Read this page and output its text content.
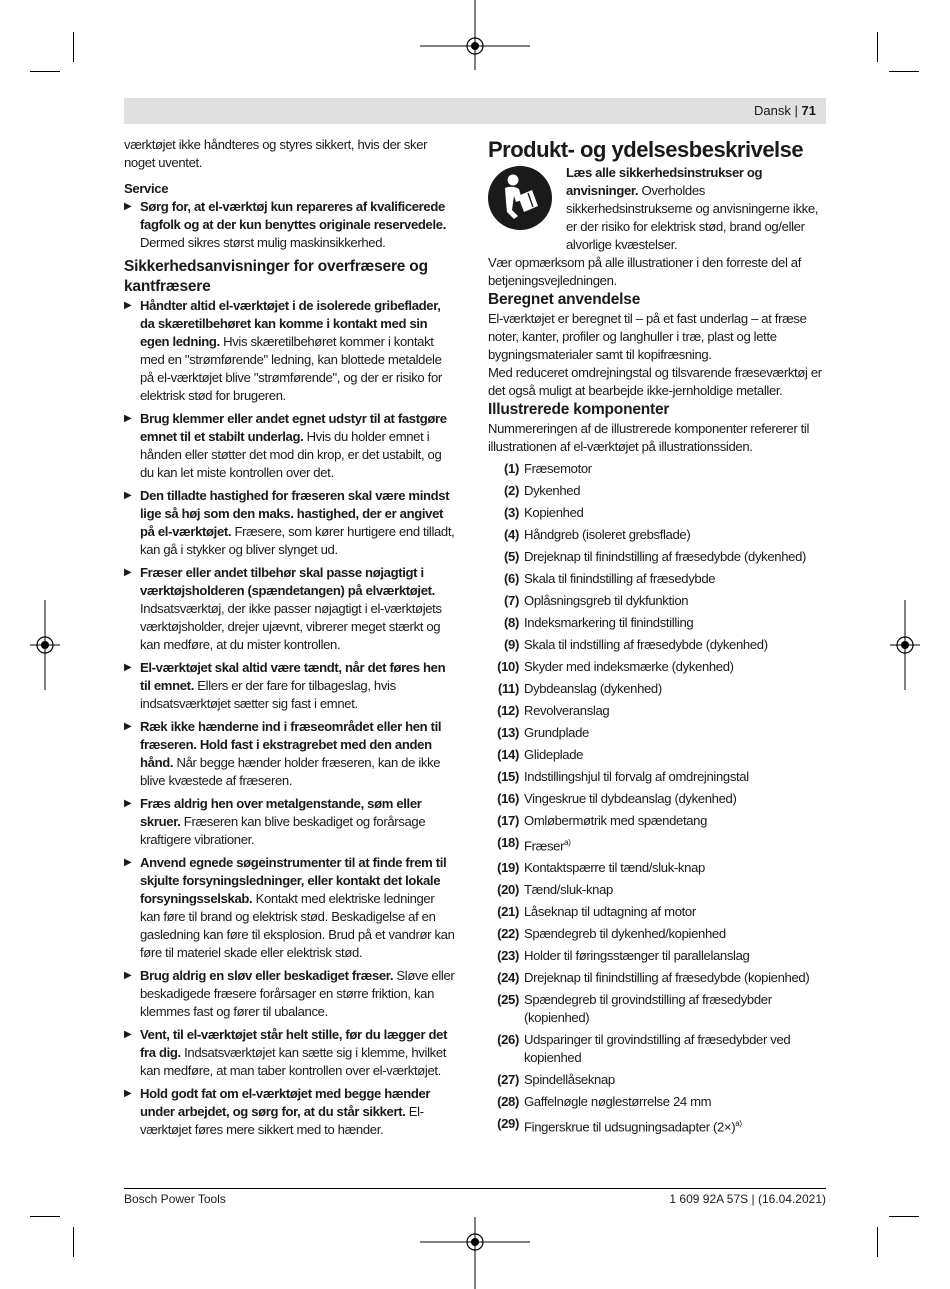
Dansk | 71

værktøjet ikke håndteres og styres sikkert, hvis der sker noget uventet.

Service

▶ Sørg for, at el-værktøj kun repareres af kvalificerede fagfolk og at der kun benyttes originale reservedele. Dermed sikres størst mulig maskinsikkerhed.

Sikkerhedsanvisninger for overfræsere og kantfræsere

▶ Håndter altid el-værktøjet i de isolerede gribeflader, da skæretilbehøret kan komme i kontakt med sin egen ledning. Hvis skæretilbehøret kommer i kontakt med en "strømførende" ledning, kan blottede metaldele på el-værktøjet blive "strømførende", og der er risiko for elektrisk stød for brugeren.
▶ Brug klemmer eller andet egnet udstyr til at fastgøre emnet til et stabilt underlag. Hvis du holder emnet i hånden eller støtter det mod din krop, er det ustabilt, og du kan let miste kontrollen over det.
▶ Den tilladte hastighed for fræseren skal være mindst lige så høj som den maks. hastighed, der er angivet på el-værktøjet. Fræsere, som kører hurtigere end tilladt, kan gå i stykker og bliver slynget ud.
▶ Fræser eller andet tilbehør skal passe nøjagtigt i værktøjsholderen (spændetangen) på elværktøjet. Indsatsværktøj, der ikke passer nøjagtigt i el-værktøjets værktøjsholder, drejer ujævnt, vibrerer meget stærkt og kan medføre, at du mister kontrollen.
▶ El-værktøjet skal altid være tændt, når det føres hen til emnet. Ellers er der fare for tilbageslag, hvis indsatsværktøjet sætter sig fast i emnet.
▶ Ræk ikke hænderne ind i fræseområdet eller hen til fræseren. Hold fast i ekstragrebet med den anden hånd. Når begge hænder holder fræseren, kan de ikke blive kvæstede af fræseren.
▶ Fræs aldrig hen over metalgenstande, søm eller skruer. Fræseren kan blive beskadiget og forårsage kraftigere vibrationer.
▶ Anvend egnede søgeinstrumenter til at finde frem til skjulte forsyningsledninger, eller kontakt det lokale forsyningsselskab. Kontakt med elektriske ledninger kan føre til brand og elektrisk stød. Beskadigelse af en gasledning kan føre til eksplosion. Brud på et vandrør kan føre til materiel skade eller elektrisk stød.
▶ Brug aldrig en sløv eller beskadiget fræser. Sløve eller beskadigede fræsere forårsager en større friktion, kan klemmes fast og fører til ubalance.
▶ Vent, til el-værktøjet står helt stille, før du lægger det fra dig. Indsatsværktøjet kan sætte sig i klemme, hvilket kan medføre, at man taber kontrollen over el-værktøjet.
▶ Hold godt fat om el-værktøjet med begge hænder under arbejdet, og sørg for, at du står sikkert. El-værktøjet føres mere sikkert med to hænder.

Produkt- og ydelsesbeskrivelse

Læs alle sikkerhedsinstrukser og anvisninger. Overholdes sikkerhedsinstrukserne og anvisningerne ikke, er der risiko for elektrisk stød, brand og/eller alvorlige kvæstelser.

Vær opmærksom på alle illustrationer i den forreste del af betjeningsvejledningen.

Beregnet anvendelse

El-værktøjet er beregnet til – på et fast underlag – at fræse noter, kanter, profiler og langhuller i træ, plast og lette bygningsmaterialer samt til kopifræsning.

Med reduceret omdrejningstal og tilsvarende fræseværktøj er det også muligt at bearbejde ikke-jernholdige metaller.

Illustrerede komponenter

Nummereringen af de illustrerede komponenter refererer til illustrationen af el-værktøjet på illustrationssiden.

(1) Fræsemotor
(2) Dykenhed
(3) Kopienhed
(4) Håndgreb (isoleret grebsflade)
(5) Drejeknap til finindstilling af fræsedybde (dykenhed)
(6) Skala til finindstilling af fræsedybde
(7) Oplåsningsgreb til dykfunktion
(8) Indeksmarkering til finindstilling
(9) Skala til indstilling af fræsedybde (dykenhed)
(10) Skyder med indeksmærke (dykenhed)
(11) Dybdeanslag (dykenhed)
(12) Revolveranslag
(13) Grundplade
(14) Glideplade
(15) Indstillingshjul til forvalg af omdrejningstal
(16) Vingeskrue til dybdeanslag (dykenhed)
(17) Omløbermøtrik med spændetang
(18) Fræser$^{a)}$
(19) Kontaktspærre til tænd/sluk-knap
(20) Tænd/sluk-knap
(21) Låseknap til udtagning af motor
(22) Spændegreb til dykenhed/kopienhed
(23) Holder til føringsstænger til parallelanslag
(24) Drejeknap til finindstilling af fræsedybde (kopienhed)
(25) Spændegreb til grovindstilling af fræsedybder (kopienhed)
(26) Udsparinger til grovindstilling af fræsedybder ved kopienhed
(27) Spindellåseknap
(28) Gaffelnøgle nøglestørrelse 24 mm
(29) Fingerskrue til udsugningsadapter $(2\times)^{a)}$
Bosch Power Tools	1 609 92A 57S | (16.04.2021)
